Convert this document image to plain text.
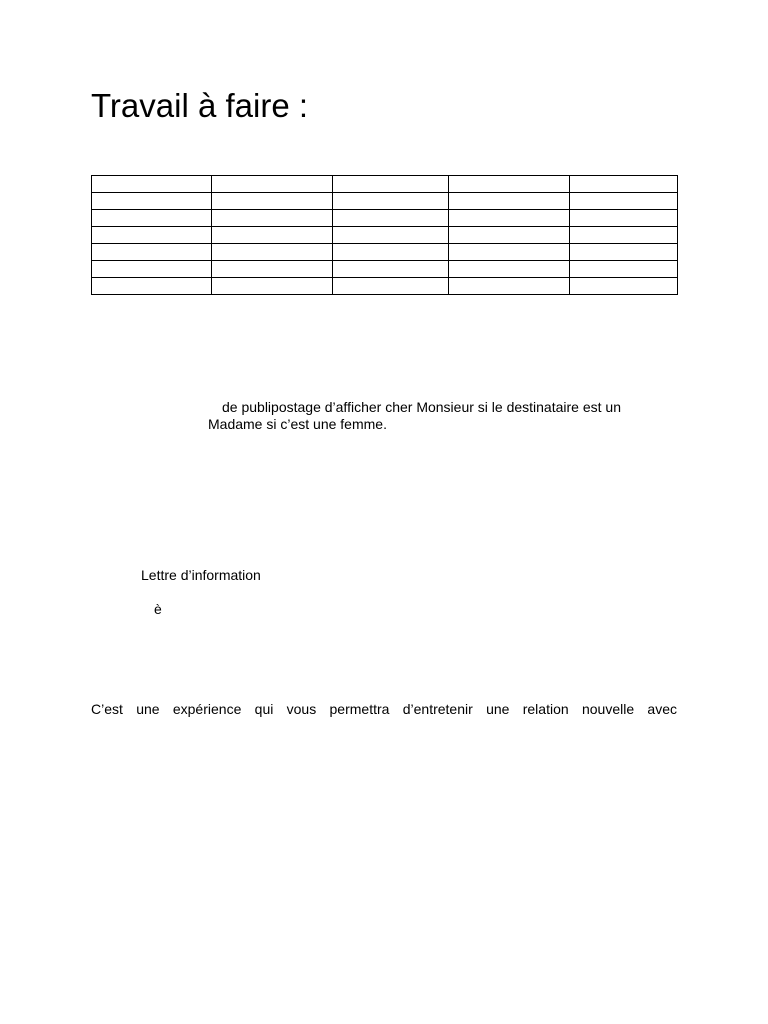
Travail à faire :

de publipostage d’afficher cher Monsieur si le destinataire est un
Madame si c’est une femme.
Lettre d’information
è
C’est une expérience qui vous permettra d’entretenir une relation nouvelle avec
